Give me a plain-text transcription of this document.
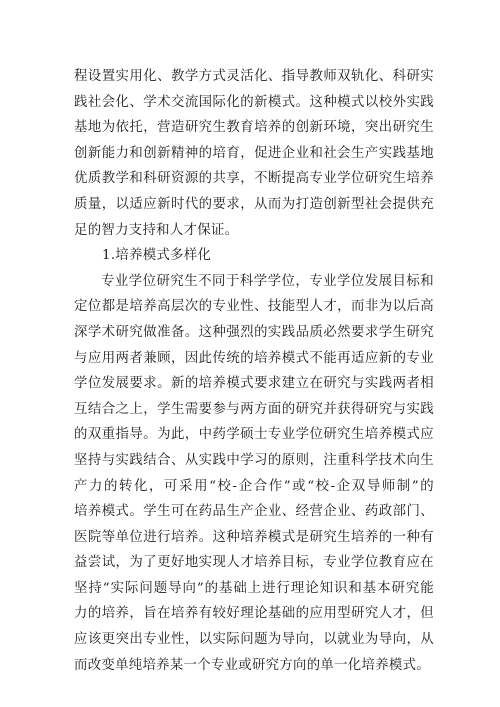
程设置实用化、教学方式灵活化、指导教师双轨化、科研实
践社会化、学术交流国际化的新模式。这种模式以校外实践
基地为依托，营造研究生教育培养的创新环境，突出研究生
创新能力和创新精神的培育，促进企业和社会生产实践基地
优质教学和科研资源的共享，不断提高专业学位研究生培养
质量，以适应新时代的要求，从而为打造创新型社会提供充
足的智力支持和人才保证。
1.培养模式多样化
专业学位研究生不同于科学学位，专业学位发展目标和
定位都是培养高层次的专业性、技能型人才，而非为以后高
深学术研究做准备。这种强烈的实践品质必然要求学生研究
与应用两者兼顾，因此传统的培养模式不能再适应新的专业
学位发展要求。新的培养模式要求建立在研究与实践两者相
互结合之上，学生需要参与两方面的研究并获得研究与实践
的双重指导。为此，中药学硕士专业学位研究生培养模式应
坚持与实践结合、从实践中学习的原则，注重科学技术向生
产力的转化，可采用“校-企合作”或“校-企双导师制”的
培养模式。学生可在药品生产企业、经营企业、药政部门、
医院等单位进行培养。这种培养模式是研究生培养的一种有
益尝试，为了更好地实现人才培养目标，专业学位教育应在
坚持“实际问题导向”的基础上进行理论知识和基本研究能
力的培养，旨在培养有较好理论基础的应用型研究人才，但
应该更突出专业性，以实际问题为导向，以就业为导向，从
而改变单纯培养某一个专业或研究方向的单一化培养模式。
